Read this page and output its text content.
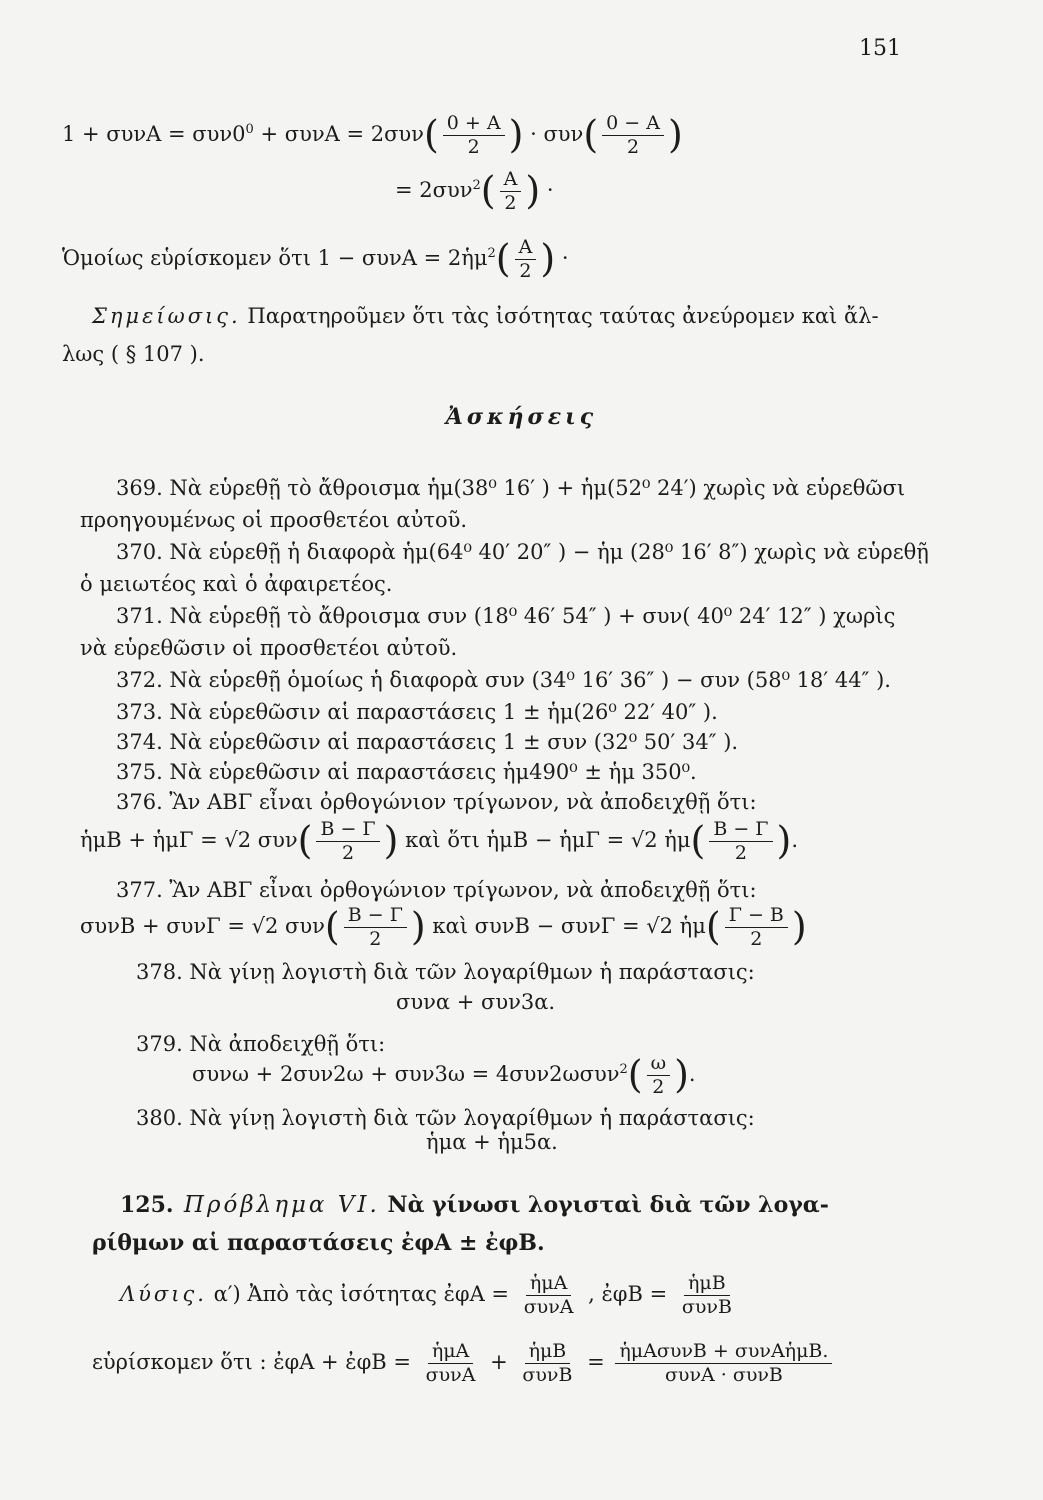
151
$1 + \sigma\upsilon\nu A = \sigma\upsilon\nu 0^0 + \sigma\upsilon\nu A = 2\sigma\upsilon\nu( \frac{0 + A}{2}$ ) · $\sigma\upsilon\nu( \frac{0 - A}{2}$ )
= $2\sigma\upsilon\nu^2( \frac{A}{2}$ ) ·
Ὁμοίως εὑρίσκομεν ὅτι 1 − συνΑ = 2ἡμ$^2$( $\frac{A}{2}$ ) ·
Σημείωσις. Παρατηροῦμεν ὅτι τὰς ἰσότητας ταύτας ἀνεύρομεν καὶ ἄλ-
λως ( § 107 ).
Ἀσκήσεις
369. Νὰ εὑρεθῇ τὸ ἄθροισμα ἡμ(38⁰ 16′ ) + ἡμ(52⁰ 24′) χωρὶς νὰ εὑρεθῶσι
προηγουμένως οἱ προσθετέοι αὐτοῦ.
370. Νὰ εὑρεθῇ ἡ διαφορὰ ἡμ(64⁰ 40′ 20″ ) − ἡμ (28⁰ 16′ 8″) χωρὶς νὰ εὑρεθῇ
ὁ μειωτέος καὶ ὁ ἀφαιρετέος.
371. Νὰ εὑρεθῇ τὸ ἄθροισμα συν (18⁰ 46′ 54″ ) + συν( 40⁰ 24′ 12″ ) χωρὶς
νὰ εὑρεθῶσιν οἱ προσθετέοι αὐτοῦ.
372. Νὰ εὑρεθῇ ὁμοίως ἡ διαφορὰ συν (34⁰ 16′ 36″ ) − συν (58⁰ 18′ 44″ ).
373. Νὰ εὑρεθῶσιν αἱ παραστάσεις 1 ± ἡμ(26⁰ 22′ 40″ ).
374. Νὰ εὑρεθῶσιν αἱ παραστάσεις 1 ± συν (32⁰ 50′ 34″ ).
375. Νὰ εὑρεθῶσιν αἱ παραστάσεις ἡμ490⁰ ± ἡμ 350⁰.
376. Ἂν ΑΒΓ εἶναι ὀρθογώνιον τρίγωνον, νὰ ἀποδειχθῇ ὅτι:
ἡμΒ + ἡμΓ = √2 $\sigma\upsilon\nu( \frac{B - \Gamma}{2}$ ) καὶ ὅτι ἡμΒ − ἡμΓ = √2 ἡμ( $\frac{B - \Gamma}{2}$ ).
377. Ἂν ΑΒΓ εἶναι ὀρθογώνιον τρίγωνον, νὰ ἀποδειχθῇ ὅτι:
συνΒ + συνΓ = √2 $\sigma\upsilon\nu( \frac{B - \Gamma}{2}$ ) καὶ συνΒ − συνΓ = √2 ἡμ( $\frac{\Gamma - B}{2}$ )
378. Νὰ γίνῃ λογιστὴ διὰ τῶν λογαρίθμων ἡ παράστασις:
συνα + συν3α.
379. Νὰ ἀποδειχθῇ ὅτι:
$\sigma\upsilon\nu\omega + 2\sigma\upsilon\nu 2\omega + \sigma\upsilon\nu 3\omega = 4\sigma\upsilon\nu 2\omega\sigma\upsilon\nu^2( \frac{\omega}{2}$ ).
380. Νὰ γίνῃ λογιστὴ διὰ τῶν λογαρίθμων ἡ παράστασις:
ἡμα + ἡμ5α.
125. Πρόβλημα VI. Νὰ γίνωσι λογισταὶ διὰ τῶν λογα-
ρίθμων αἱ παραστάσεις ἐφΑ ± ἐφΒ.
Λύσις. α′) Ἀπὸ τὰς ἰσότητας ἐφΑ = $\frac{\text{ἡμΑ}}{\text{συνΑ}}$ , ἐφΒ = $\frac{\text{ἡμΒ}}{\text{συνΒ}}$
εὑρίσκομεν ὅτι : ἐφΑ + ἐφΒ = $\frac{\text{ἡμΑ}}{\text{συνΑ}} + \frac{\text{ἡμΒ}}{\text{συνΒ}} = \frac{\text{ἡμΑσυνΒ + συνΑἡμΒ.}}{\text{συνΑ · συνΒ}}$
